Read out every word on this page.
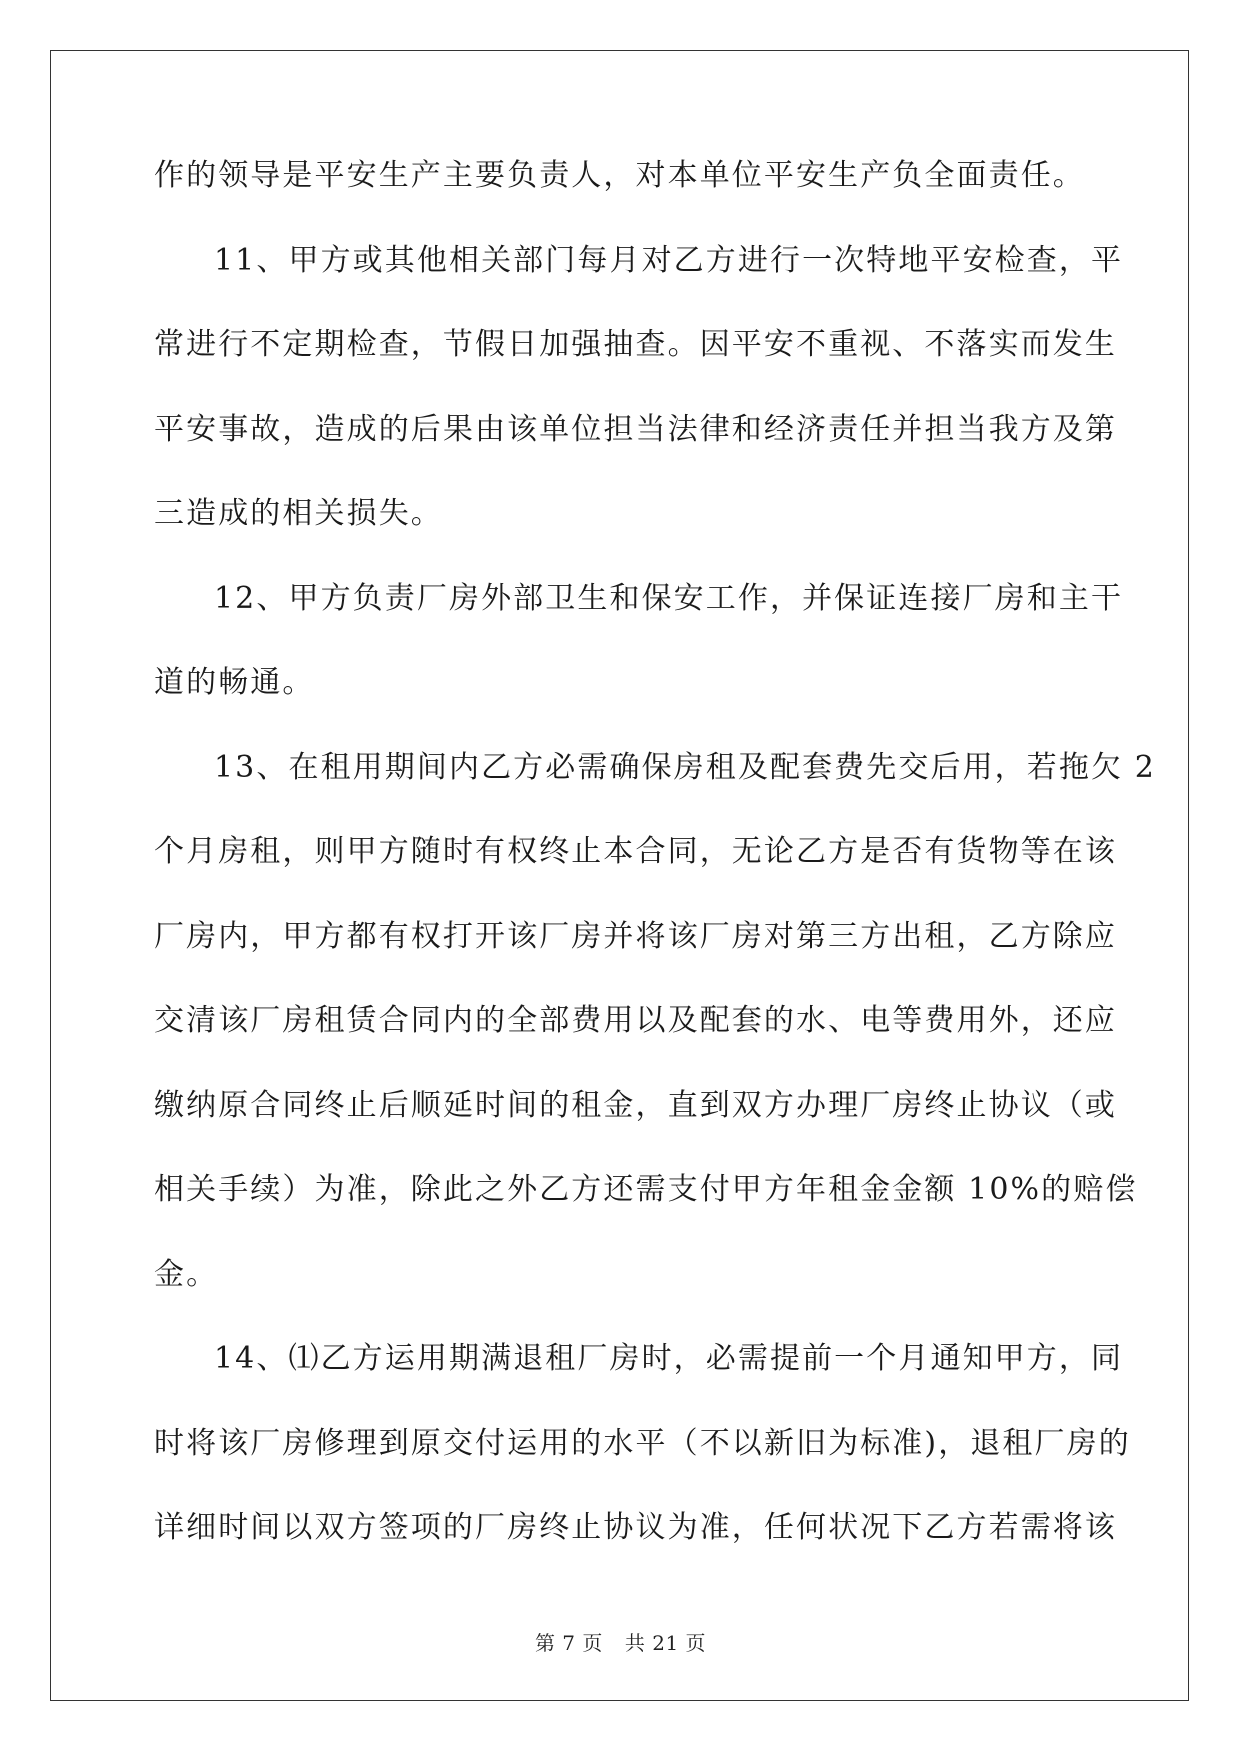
作的领导是平安生产主要负责人，对本单位平安生产负全面责任。
11、甲方或其他相关部门每月对乙方进行一次特地平安检查，平
常进行不定期检查，节假日加强抽查。因平安不重视、不落实而发生
平安事故，造成的后果由该单位担当法律和经济责任并担当我方及第
三造成的相关损失。
12、甲方负责厂房外部卫生和保安工作，并保证连接厂房和主干
道的畅通。
13、在租用期间内乙方必需确保房租及配套费先交后用，若拖欠 2
个月房租，则甲方随时有权终止本合同，无论乙方是否有货物等在该
厂房内，甲方都有权打开该厂房并将该厂房对第三方出租，乙方除应
交清该厂房租赁合同内的全部费用以及配套的水、电等费用外，还应
缴纳原合同终止后顺延时间的租金，直到双方办理厂房终止协议（或
相关手续）为准，除此之外乙方还需支付甲方年租金金额 10%的赔偿
金。
14、⑴乙方运用期满退租厂房时，必需提前一个月通知甲方，同
时将该厂房修理到原交付运用的水平（不以新旧为标准)，退租厂房的
详细时间以双方签项的厂房终止协议为准，任何状况下乙方若需将该
第 7 页 共 21 页
